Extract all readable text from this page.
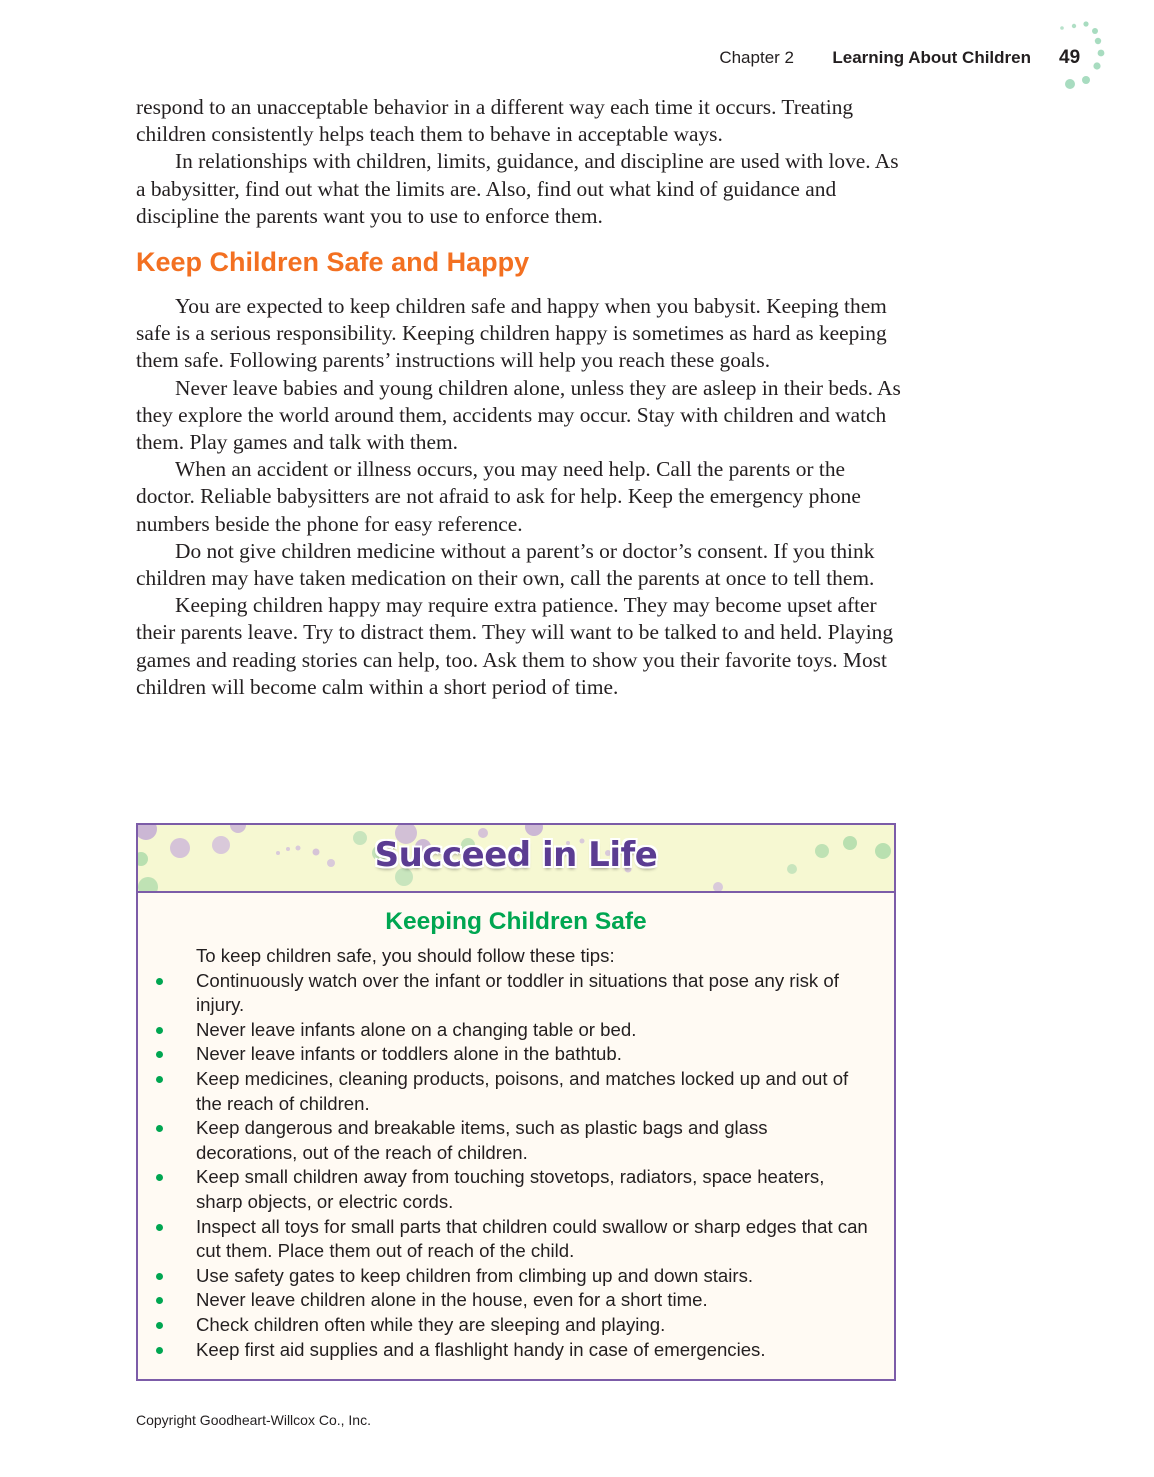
Chapter 2 Learning About Children 49

respond to an unacceptable behavior in a different way each time it occurs. Treating children consistently helps teach them to behave in acceptable ways.

In relationships with children, limits, guidance, and discipline are used with love. As a babysitter, find out what the limits are. Also, find out what kind of guidance and discipline the parents want you to use to enforce them.

Keep Children Safe and Happy

You are expected to keep children safe and happy when you babysit. Keeping them safe is a serious responsibility. Keeping children happy is sometimes as hard as keeping them safe. Following parents’ instructions will help you reach these goals.

Never leave babies and young children alone, unless they are asleep in their beds. As they explore the world around them, accidents may occur. Stay with children and watch them. Play games and talk with them.

When an accident or illness occurs, you may need help. Call the parents or the doctor. Reliable babysitters are not afraid to ask for help. Keep the emergency phone numbers beside the phone for easy reference.

Do not give children medicine without a parent’s or doctor’s consent. If you think children may have taken medication on their own, call the parents at once to tell them.

Keeping children happy may require extra patience. They may become upset after their parents leave. Try to distract them. They will want to be talked to and held. Playing games and reading stories can help, too. Ask them to show you their favorite toys. Most children will become calm within a short period of time.

Succeed in Life
Keeping Children Safe
To keep children safe, you should follow these tips:
Continuously watch over the infant or toddler in situations that pose any risk of injury.
Never leave infants alone on a changing table or bed.
Never leave infants or toddlers alone in the bathtub.
Keep medicines, cleaning products, poisons, and matches locked up and out of the reach of children.
Keep dangerous and breakable items, such as plastic bags and glass decorations, out of the reach of children.
Keep small children away from touching stovetops, radiators, space heaters, sharp objects, or electric cords.
Inspect all toys for small parts that children could swallow or sharp edges that can cut them. Place them out of reach of the child.
Use safety gates to keep children from climbing up and down stairs.
Never leave children alone in the house, even for a short time.
Check children often while they are sleeping and playing.
Keep first aid supplies and a flashlight handy in case of emergencies.
Copyright Goodheart-Willcox Co., Inc.
